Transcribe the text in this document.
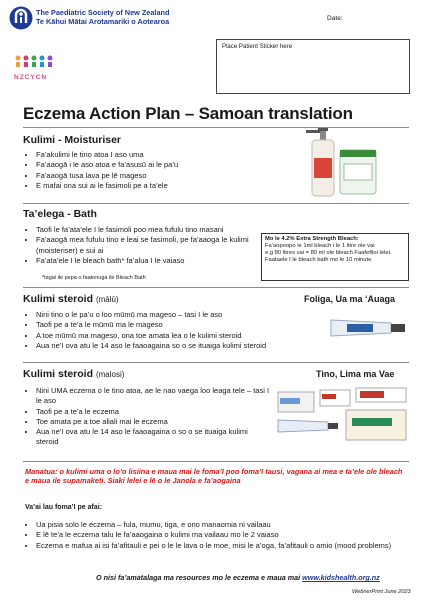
The Paediatric Society of New Zealand
Te Kāhui Mātai Arotamariki o Aotearoa
NZCYCN
Date:
Place Patient Sticker here
Eczema Action Plan – Samoan translation
Kulimi - Moisturiser
• Fa’akulimi le tino atoa I aso uma
• Fa’aaogā i le aso atoa e fa’asusū ai le pa’u
• Fa’aaogā tusa lava pe lē mageso
• E mafai ona sui ai le fasimoli pe a ta’ele
Ta’elega - Bath
• Taofi le fa’ata’ele I le fasimoli poo mea fufulu tino masani
• Fa’aaogā mea fufulu tino e leai se fasimoli, pe fa’aaoga le kulimi (moisteriser) e sui ai
• Fa’ata’ele I le bleach bath* fa’alua I le vaiaso
*tagai ile pepa o faatonuga ile Bleach Bath
Mo le 4.2% Extra Strength Bleach:
Fa’aopoopo le 1ml bleach i le 1 litre ole vai
e.g 80 litres vai = 80 ml ole bleach Faafefiloi lelei.
Faataele I le bleach bath mo le 10 minute
Kulimi steroid (mālū)	Foliga, Ua ma ‘Auaga
• Nini tino o le pa’u o loo mūmū ma mageso – tasi I le aso
• Taofi pe a te’a le mūmū ma le mageso
• A toe mūmū ma mageso, ona toe amata lea o le kulimi steroid
• Aua ne’I ova atu le 14 aso le faaoagaina so o se ituaiga kulimi steroid
Kulimi steroid (malosi)	Tino, Lima ma Vae
• Nini UMA eczema o le tino atoa, ae le nao vaega loo leaga tele – tasi I le aso
• Taofi pe a te’a le eczema
• Toe amata pe a toe aliali mai le eczema
• Aua ne’I ova atu le 14 aso le faaoagaina o so o se ituaiga kulimi steroid
Manatua: o kulimi uma o lo’o lisiina e maua mai le foma’I poo foma’I tausi, vagana ai mea e ta’ele ole bleach e maua ile supamaketi. Siaki lelei e lē o le Janola e fa’aogaina
Va’ai lau foma’I pe afai:
• Ua pisia solo le eczema – fula, mumu, tiga, e ono manaomia ni vailaau
• E lē te’a le eczema talu le fa’aaogaina o kulimi ma vailaau mo le 2 vaiaso
• Eczema e mafua ai isi fa’afitauli e pei o le le lava o le moe, misi le a’oga, fa’afitauli o amio (mood problems)
O nisi fa’amatalaga ma resources mo le eczema e maua mai www.kidshealth.org.nz
WebnerPrint June 2023
